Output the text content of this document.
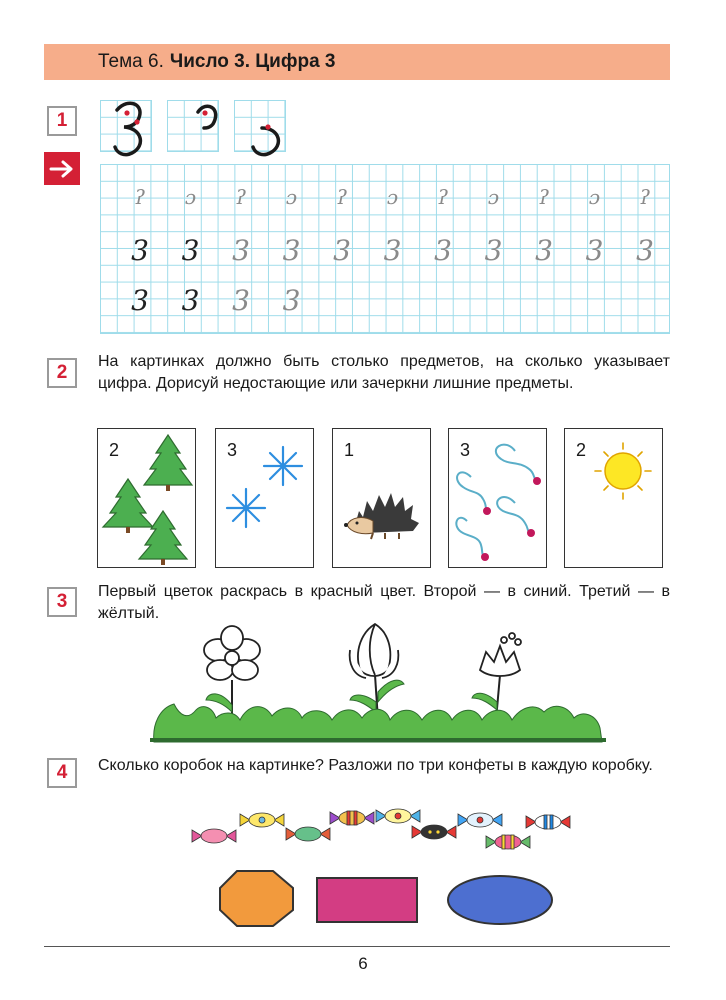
Тема 6. Число 3. Цифра 3
1
2
3
4
ʔ ɔ ʔ ɔ ʔ ɔ ʔ ɔ ʔ ɔ ʔ
3 3 3 3 3 3 3 3 3 3 3
3 3 3 3
На картинках должно быть столько предметов, на сколько указывает цифра. Дорисуй недостающие или зачеркни лишние предметы.
2	3	1	3	2
Первый цветок раскрась в красный цвет. Второй — в синий. Третий — в жёлтый.
Сколько коробок на картинке? Разложи по три конфеты в каждую коробку.
6
